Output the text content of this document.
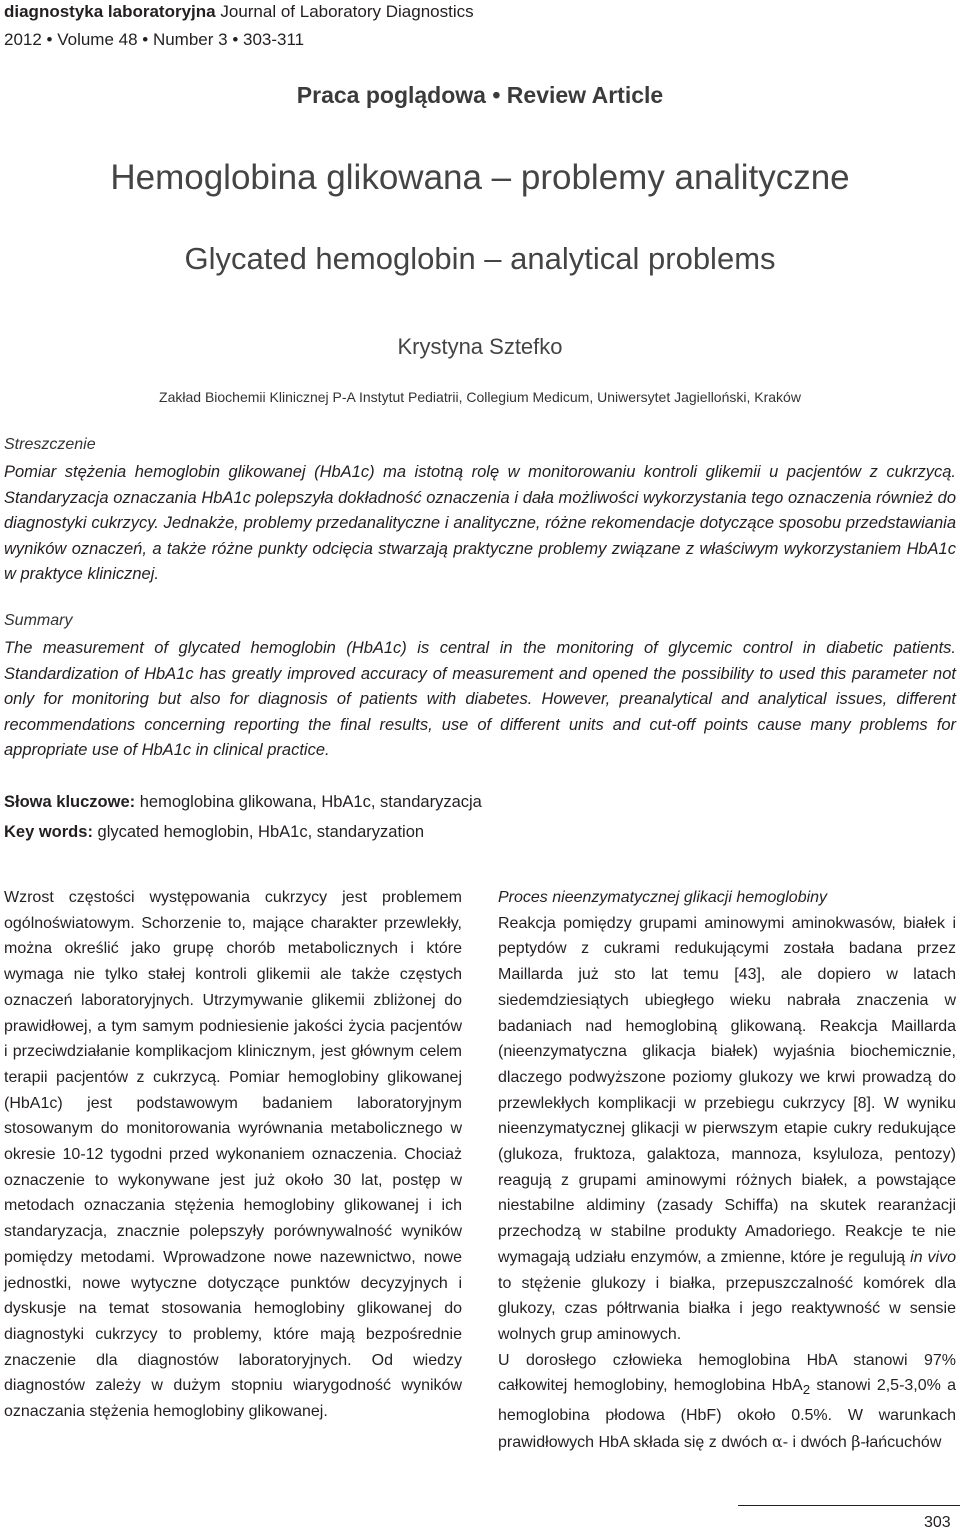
diagnostyka laboratoryjna Journal of Laboratory Diagnostics
2012 • Volume 48 • Number 3 • 303-311
Praca poglądowa • Review Article
Hemoglobina glikowana – problemy analityczne
Glycated hemoglobin – analytical problems
Krystyna Sztefko
Zakład Biochemii Klinicznej P-A Instytut Pediatrii, Collegium Medicum, Uniwersytet Jagielloński, Kraków
Streszczenie
Pomiar stężenia hemoglobin glikowanej (HbA1c) ma istotną rolę w monitorowaniu kontroli glikemii u pacjentów z cukrzycą. Standaryzacja oznaczania HbA1c polepszyła dokładność oznaczenia i dała możliwości wykorzystania tego oznaczenia również do diagnostyki cukrzycy. Jednakże, problemy przedanalityczne i analityczne, różne rekomendacje dotyczące sposobu przedstawiania wyników oznaczeń, a także różne punkty odcięcia stwarzają praktyczne problemy związane z właściwym wykorzystaniem HbA1c w praktyce klinicznej.
Summary
The measurement of glycated hemoglobin (HbA1c) is central in the monitoring of glycemic control in diabetic patients. Standardization of HbA1c has greatly improved accuracy of measurement and opened the possibility to used this parameter not only for monitoring but also for diagnosis of patients with diabetes. However, preanalytical and analytical issues, different recommendations concerning reporting the final results, use of different units and cut-off points cause many problems for appropriate use of HbA1c in clinical practice.
Słowa kluczowe: hemoglobina glikowana, HbA1c, standaryzacja
Key words: glycated hemoglobin, HbA1c, standaryzation

Wzrost częstości występowania cukrzycy jest problemem ogólnoświatowym. Schorzenie to, mające charakter przewlekły, można określić jako grupę chorób metabolicznych i które wymaga nie tylko stałej kontroli glikemii ale także częstych oznaczeń laboratoryjnych. Utrzymywanie glikemii zbliżonej do prawidłowej, a tym samym podniesienie jakości życia pacjentów i przeciwdziałanie komplikacjom klinicznym, jest głównym celem terapii pacjentów z cukrzycą. Pomiar hemoglobiny glikowanej (HbA1c) jest podstawowym badaniem laboratoryjnym stosowanym do monitorowania wyrównania metabolicznego w okresie 10-12 tygodni przed wykonaniem oznaczenia. Chociaż oznaczenie to wykonywane jest już około 30 lat, postęp w metodach oznaczania stężenia hemoglobiny glikowanej i ich standaryzacja, znacznie polepszyły porównywalność wyników pomiędzy metodami. Wprowadzone nowe nazewnictwo, nowe jednostki, nowe wytyczne dotyczące punktów decyzyjnych i dyskusje na temat stosowania hemoglobiny glikowanej do diagnostyki cukrzycy to problemy, które mają bezpośrednie znaczenie dla diagnostów laboratoryjnych. Od wiedzy diagnostów zależy w dużym stopniu wiarygodność wyników oznaczania stężenia hemoglobiny glikowanej.

Proces nieenzymatycznej glikacji hemoglobiny

Reakcja pomiędzy grupami aminowymi aminokwasów, białek i peptydów z cukrami redukującymi została badana przez Maillarda już sto lat temu [43], ale dopiero w latach siedemdziesiątych ubiegłego wieku nabrała znaczenia w badaniach nad hemoglobiną glikowaną. Reakcja Maillarda (nieenzymatyczna glikacja białek) wyjaśnia biochemicznie, dlaczego podwyższone poziomy glukozy we krwi prowadzą do przewlekłych komplikacji w przebiegu cukrzycy [8]. W wyniku nieenzymatycznej glikacji w pierwszym etapie cukry redukujące (glukoza, fruktoza, galaktoza, mannoza, ksyluloza, pentozy) reagują z grupami aminowymi różnych białek, a powstające niestabilne aldiminy (zasady Schiffa) na skutek rearanżacji przechodzą w stabilne produkty Amadoriego. Reakcje te nie wymagają udziału enzymów, a zmienne, które je regulują in vivo to stężenie glukozy i białka, przepuszczalność komórek dla glukozy, czas półtrwania białka i jego reaktywność w sensie wolnych grup aminowych.

U dorosłego człowieka hemoglobina HbA stanowi 97% całkowitej hemoglobiny, hemoglobina HbA$_2$ stanowi 2,5-3,0% a hemoglobina płodowa (HbF) około 0.5%. W warunkach prawidłowych HbA składa się z dwóch α- i dwóch β-łańcuchów

303
